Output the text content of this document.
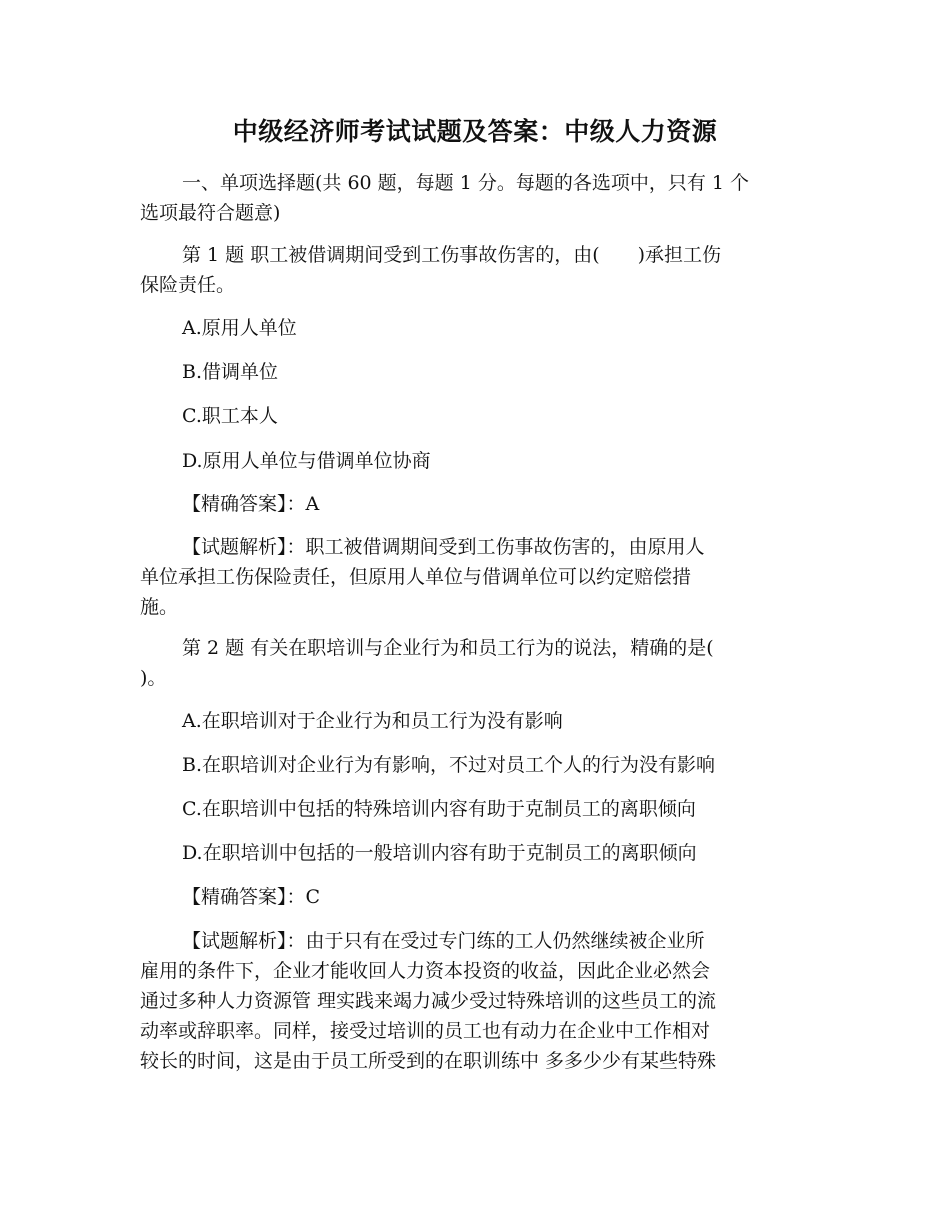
中级经济师考试试题及答案：中级人力资源

一、单项选择题(共 60 题，每题 1 分。每题的各选项中，只有 1 个
选项最符合题意)

第 1 题 职工被借调期间受到工伤事故伤害的，由(　　)承担工伤
保险责任。

A.原用人单位

B.借调单位

C.职工本人

D.原用人单位与借调单位协商

【精确答案】：A

【试题解析】：职工被借调期间受到工伤事故伤害的，由原用人
单位承担工伤保险责任，但原用人单位与借调单位可以约定赔偿措
施。

第 2 题 有关在职培训与企业行为和员工行为的说法，精确的是(
)。

A.在职培训对于企业行为和员工行为没有影响

B.在职培训对企业行为有影响，不过对员工个人的行为没有影响

C.在职培训中包括的特殊培训内容有助于克制员工的离职倾向

D.在职培训中包括的一般培训内容有助于克制员工的离职倾向

【精确答案】：C

【试题解析】：由于只有在受过专门练的工人仍然继续被企业所
雇用的条件下，企业才能收回人力资本投资的收益，因此企业必然会
通过多种人力资源管 理实践来竭力减少受过特殊培训的这些员工的流
动率或辞职率。同样，接受过培训的员工也有动力在企业中工作相对
较长的时间，这是由于员工所受到的在职训练中 多多少少有某些特殊
